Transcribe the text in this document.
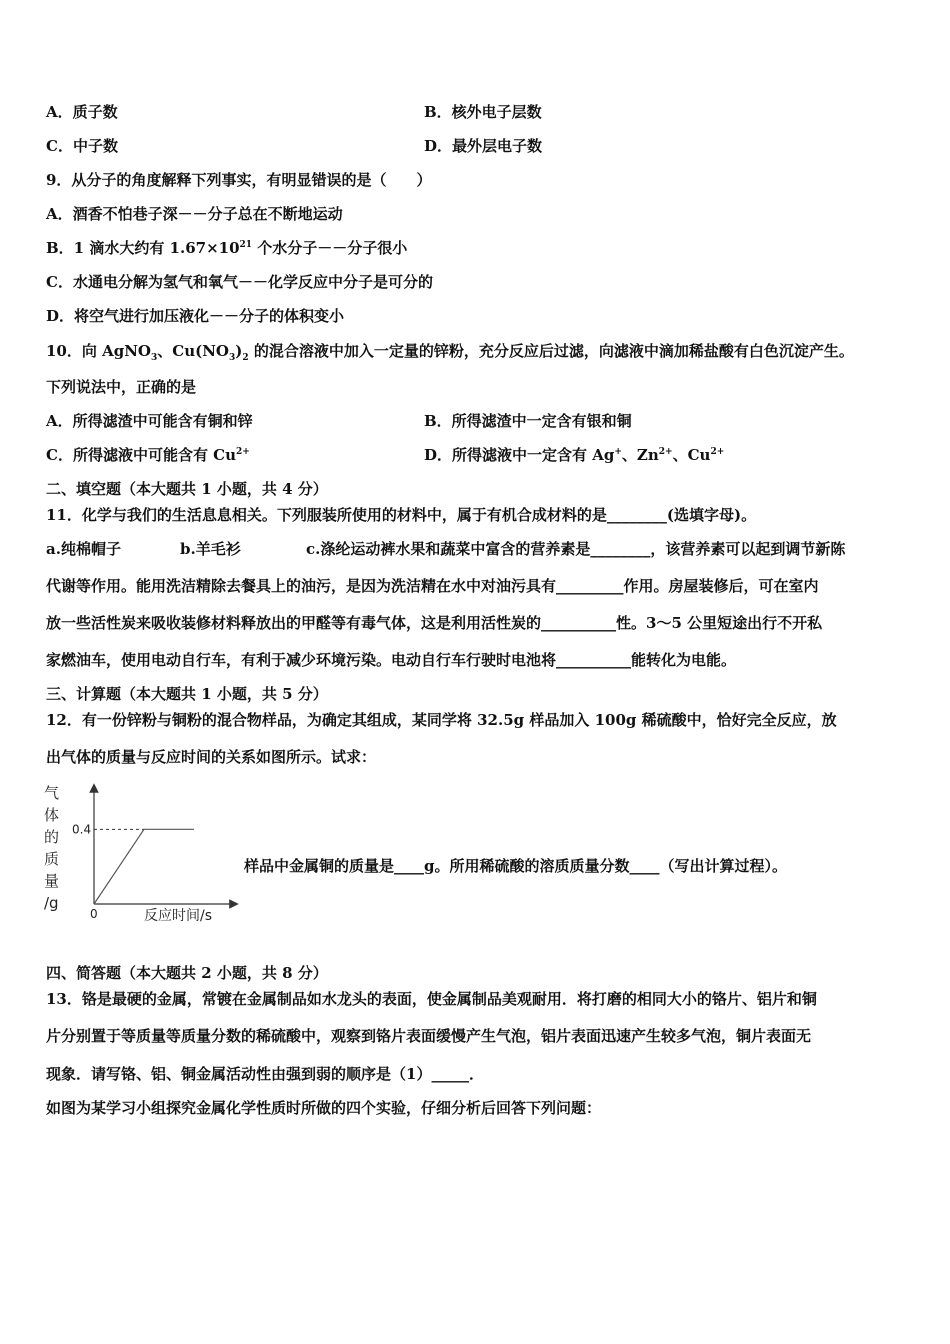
A．质子数	B．核外电子层数
C．中子数	D．最外层电子数
9．从分子的角度解释下列事实，有明显错误的是（　　）
A．酒香不怕巷子深－－分子总在不断地运动
B．1 滴水大约有 $1.67\times 10^{21}$ 个水分子－－分子很小
C．水通电分解为氢气和氧气－－化学反应中分子是可分的
D．将空气进行加压液化－－分子的体积变小
10．向 AgNO$_3$、$Cu(NO_3)_2$ 的混合溶液中加入一定量的锌粉，充分反应后过滤，向滤液中滴加稀盐酸有白色沉淀产生。
下列说法中，正确的是
A．所得滤渣中可能含有铜和锌	B．所得滤渣中一定含有银和铜
C．所得滤液中可能含有 $Cu^{2+}$	D．所得滤液中一定含有 Ag+、$Zn^{2+}$、$Cu^{2+}$
二、填空题（本大题共 1 小题，共 4 分）
11．化学与我们的生活息息相关。下列服装所使用的材料中，属于有机合成材料的是________(选填字母)。
a.纯棉帽子	b.羊毛衫	c.涤纶运动裤水果和蔬菜中富含的营养素是________，该营养素可以起到调节新陈
代谢等作用。能用洗洁精除去餐具上的油污，是因为洗洁精在水中对油污具有_________作用。房屋装修后，可在室内
放一些活性炭来吸收装修材料释放出的甲醛等有毒气体，这是利用活性炭的__________性。3～5 公里短途出行不开私
家燃油车，使用电动自行车，有利于减少环境污染。电动自行车行驶时电池将__________能转化为电能。
三、计算题（本大题共 1 小题，共 5 分）
12．有一份锌粉与铜粉的混合物样品，为确定其组成，某同学将 32.5g 样品加入 100g 稀硫酸中，恰好完全反应，放
出气体的质量与反应时间的关系如图所示。试求：
0.4
0	反应时间/s
气体的质量/g
样品中金属铜的质量是____g。所用稀硫酸的溶质质量分数____（写出计算过程）。
四、简答题（本大题共 2 小题，共 8 分）
13．铬是最硬的金属，常镀在金属制品如水龙头的表面，使金属制品美观耐用．将打磨的相同大小的铬片、铝片和铜
片分别置于等质量等质量分数的稀硫酸中，观察到铬片表面缓慢产生气泡，铝片表面迅速产生较多气泡，铜片表面无
现象．请写铬、铝、铜金属活动性由强到弱的顺序是（1）_____．
如图为某学习小组探究金属化学性质时所做的四个实验，仔细分析后回答下列问题：
